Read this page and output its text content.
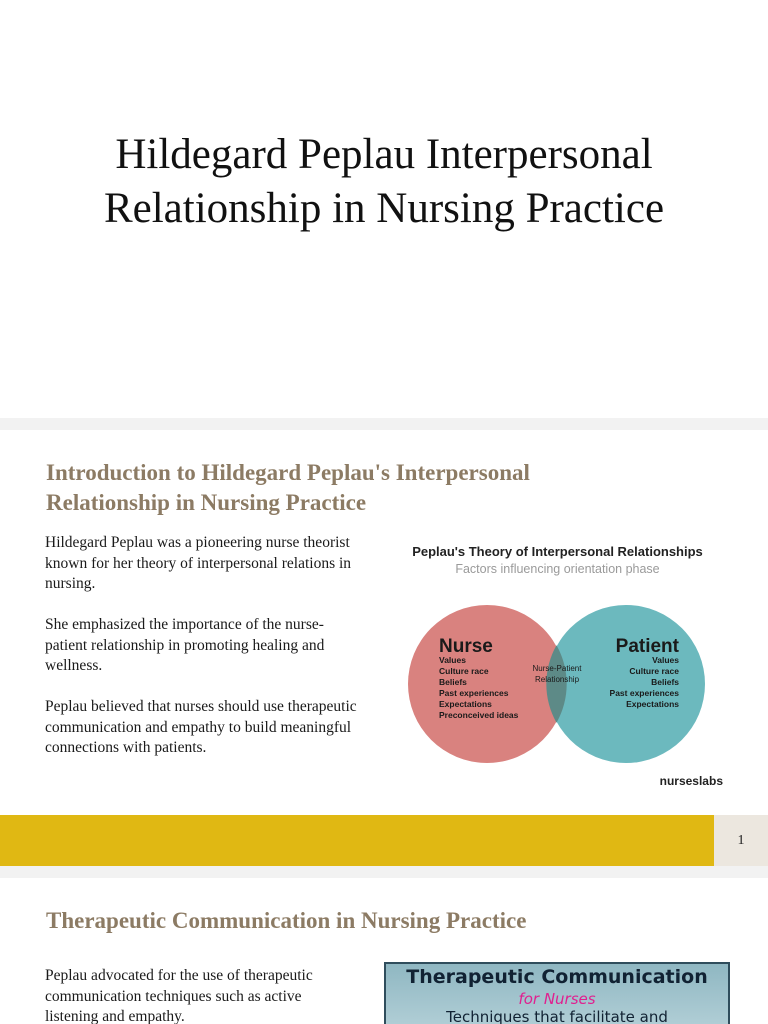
Hildegard Peplau Interpersonal
Relationship in Nursing Practice
Introduction to Hildegard Peplau's Interpersonal
Relationship in Nursing Practice

Hildegard Peplau was a pioneering nurse theorist known for her theory of interpersonal relations in nursing.

She emphasized the importance of the nurse-patient relationship in promoting healing and wellness.

Peplau believed that nurses should use therapeutic communication and empathy to build meaningful connections with patients.

Peplau's Theory of Interpersonal Relationships
Factors influencing orientation phase
Nurse
Values
Culture race
Beliefs
Past experiences
Expectations
Preconceived ideas
Patient
Values
Culture race
Beliefs
Past experiences
Expectations
Nurse-Patient
Relationship
nurseslabs
1
Therapeutic Communication in Nursing Practice

Peplau advocated for the use of therapeutic communication techniques such as active listening and empathy.

Therapeutic Communication
for Nurses
Techniques that facilitate and
